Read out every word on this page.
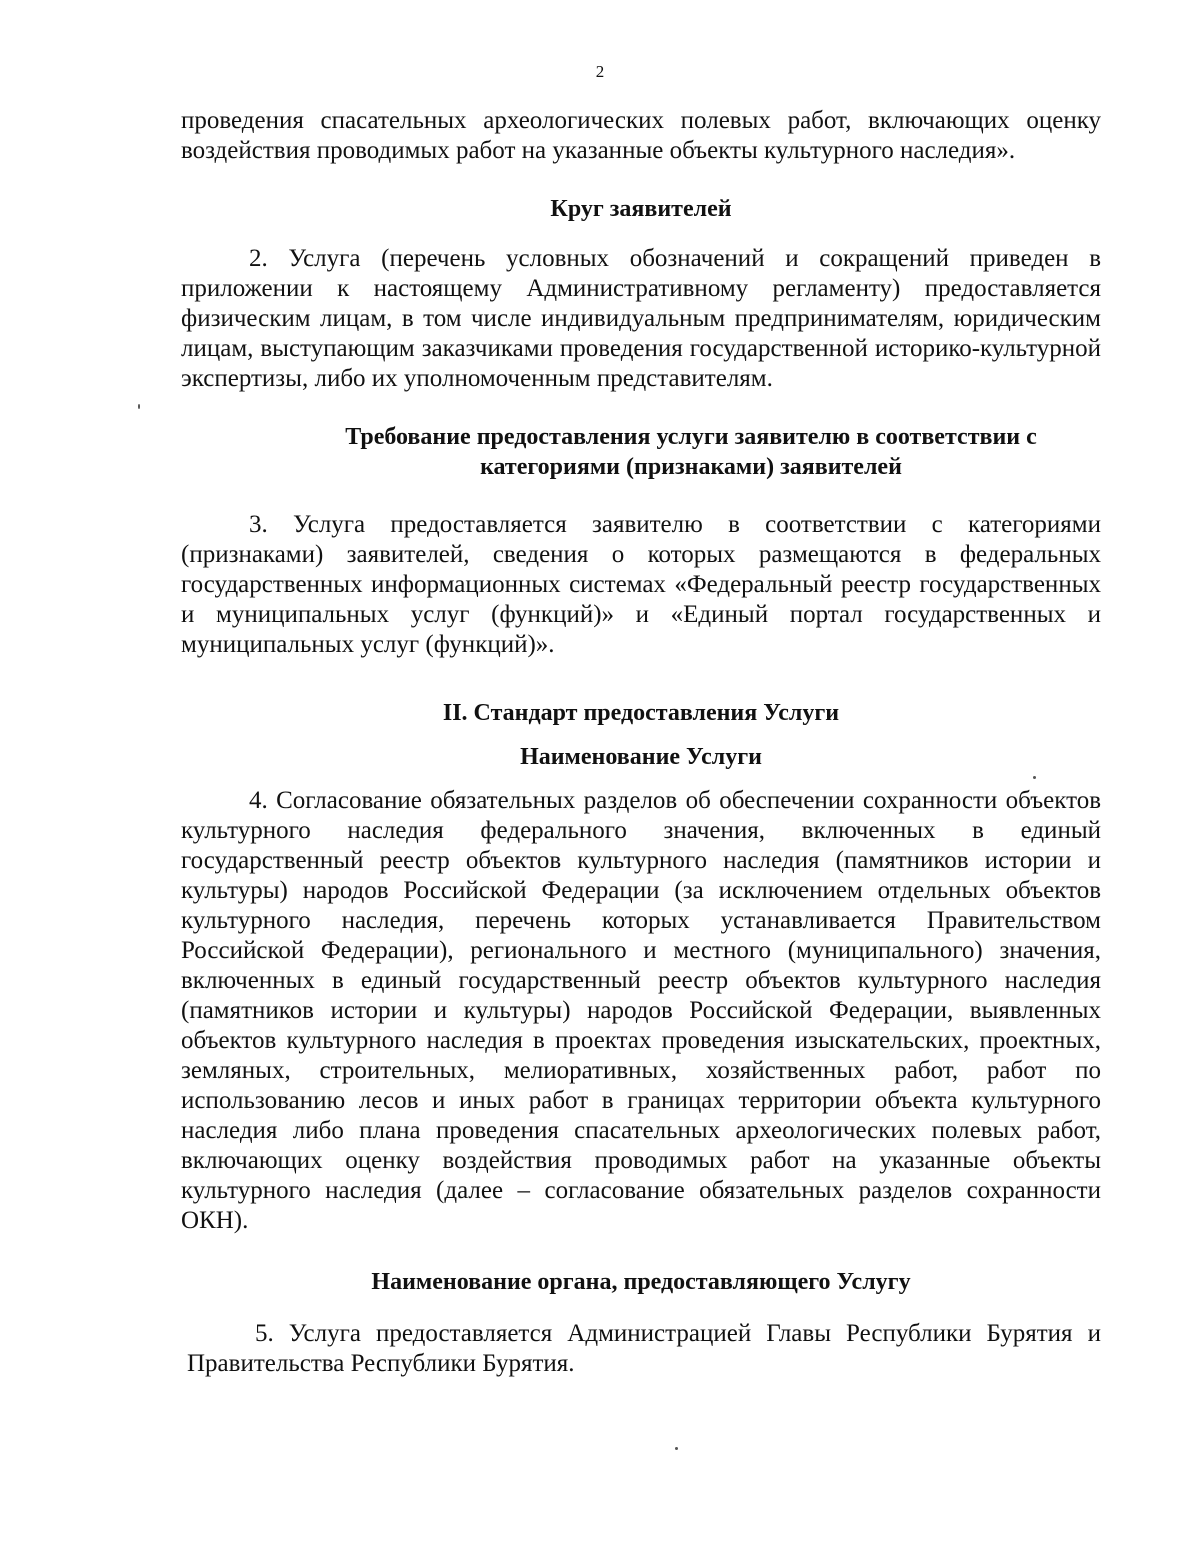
2

проведения спасательных археологических полевых работ, включающих оценку воздействия проводимых работ на указанные объекты культурного наследия».

Круг заявителей

2. Услуга (перечень условных обозначений и сокращений приведен в приложении к настоящему Административному регламенту) предоставляется физическим лицам, в том числе индивидуальным предпринимателям, юридическим лицам, выступающим заказчиками проведения государственной историко-культурной экспертизы, либо их уполномоченным представителям.

Требование предоставления услуги заявителю в соответствии с категориями (признаками) заявителей

3. Услуга предоставляется заявителю в соответствии с категориями (признаками) заявителей, сведения о которых размещаются в федеральных государственных информационных системах «Федеральный реестр государственных и муниципальных услуг (функций)» и «Единый портал государственных и муниципальных услуг (функций)».

II. Стандарт предоставления Услуги
Наименование Услуги

4. Согласование обязательных разделов об обеспечении сохранности объектов культурного наследия федерального значения, включенных в единый государственный реестр объектов культурного наследия (памятников истории и культуры) народов Российской Федерации (за исключением отдельных объектов культурного наследия, перечень которых устанавливается Правительством Российской Федерации), регионального и местного (муниципального) значения, включенных в единый государственный реестр объектов культурного наследия (памятников истории и культуры) народов Российской Федерации, выявленных объектов культурного наследия в проектах проведения изыскательских, проектных, земляных, строительных, мелиоративных, хозяйственных работ, работ по использованию лесов и иных работ в границах территории объекта культурного наследия либо плана проведения спасательных археологических полевых работ, включающих оценку воздействия проводимых работ на указанные объекты культурного наследия (далее – согласование обязательных разделов сохранности ОКН).

Наименование органа, предоставляющего Услугу

5. Услуга предоставляется Администрацией Главы Республики Бурятия и Правительства Республики Бурятия.
